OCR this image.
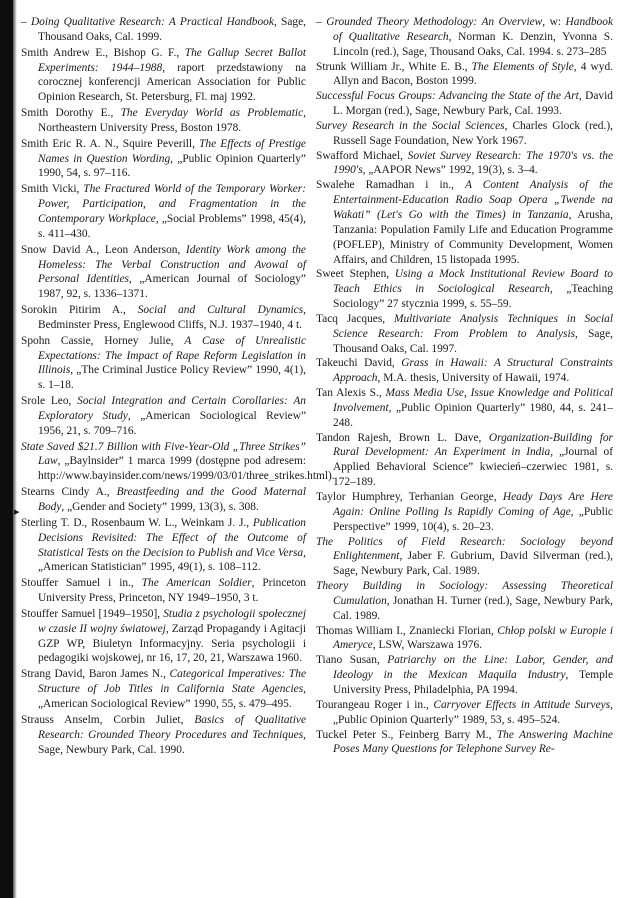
▸

– Doing Qualitative Research: A Practical Handbook, Sage, Thousand Oaks, Cal. 1999.

Smith Andrew E., Bishop G. F., The Gallup Secret Ballot Experiments: 1944–1988, raport przedstawiony na corocznej konferencji American Association for Public Opinion Research, St. Petersburg, Fl. maj 1992.

Smith Dorothy E., The Everyday World as Problematic, Northeastern University Press, Boston 1978.

Smith Eric R. A. N., Squire Peverill, The Effects of Prestige Names in Question Wording, „Public Opinion Quarterly” 1990, 54, s. 97–116.

Smith Vicki, The Fractured World of the Temporary Worker: Power, Participation, and Fragmentation in the Contemporary Workplace, „Social Problems” 1998, 45(4), s. 411–430.

Snow David A., Leon Anderson, Identity Work among the Homeless: The Verbal Construction and Avowal of Personal Identities, „American Journal of Sociology” 1987, 92, s. 1336–1371.

Sorokin Pitirim A., Social and Cultural Dynamics, Bedminster Press, Englewood Cliffs, N.J. 1937–1940, 4 t.

Spohn Cassie, Horney Julie, A Case of Unrealistic Expectations: The Impact of Rape Reform Legislation in Illinois, „The Criminal Justice Policy Review” 1990, 4(1), s. 1–18.

Srole Leo, Social Integration and Certain Corollaries: An Exploratory Study, „American Sociological Review” 1956, 21, s. 709–716.

State Saved $21.7 Billion with Five-Year-Old „Three Strikes” Law, „Baylnsider” 1 marca 1999 (dostępne pod adresem: http://www.bayinsider.com/news/1999/03/01/three_strikes.html).

Stearns Cindy A., Breastfeeding and the Good Maternal Body, „Gender and Society” 1999, 13(3), s. 308.

Sterling T. D., Rosenbaum W. L., Weinkam J. J., Publication Decisions Revisited: The Effect of the Outcome of Statistical Tests on the Decision to Publish and Vice Versa, „American Statistician” 1995, 49(1), s. 108–112.

Stouffer Samuel i in., The American Soldier, Princeton University Press, Princeton, NY 1949–1950, 3 t.

Stouffer Samuel [1949–1950], Studia z psychologii społecznej w czasie II wojny światowej, Zarząd Propagandy i Agitacji GZP WP, Biuletyn Informacyjny. Seria psychologii i pedagogiki wojskowej, nr 16, 17, 20, 21, Warszawa 1960.

Strang David, Baron James N., Categorical Imperatives: The Structure of Job Titles in California State Agencies, „American Sociological Review” 1990, 55, s. 479–495.

Strauss Anselm, Corbin Juliet, Basics of Qualitative Research: Grounded Theory Procedures and Techniques, Sage, Newbury Park, Cal. 1990.

– Grounded Theory Methodology: An Overview, w: Handbook of Qualitative Research, Norman K. Denzin, Yvonna S. Lincoln (red.), Sage, Thousand Oaks, Cal. 1994. s. 273–285

Strunk William Jr., White E. B., The Elements of Style, 4 wyd. Allyn and Bacon, Boston 1999.

Successful Focus Groups: Advancing the State of the Art, David L. Morgan (red.), Sage, Newbury Park, Cal. 1993.

Survey Research in the Social Sciences, Charles Glock (red.), Russell Sage Foundation, New York 1967.

Swafford Michael, Soviet Survey Research: The 1970's vs. the 1990's, „AAPOR News” 1992, 19(3), s. 3–4.

Swalehe Ramadhan i in., A Content Analysis of the Entertainment-Education Radio Soap Opera „Twende na Wakati” (Let's Go with the Times) in Tanzania, Arusha, Tanzania: Population Family Life and Education Programme (POFLEP), Ministry of Community Development, Women Affairs, and Children, 15 listopada 1995.

Sweet Stephen, Using a Mock Institutional Review Board to Teach Ethics in Sociological Research, „Teaching Sociology” 27 stycznia 1999, s. 55–59.

Tacq Jacques, Multivariate Analysis Techniques in Social Science Research: From Problem to Analysis, Sage, Thousand Oaks, Cal. 1997.

Takeuchi David, Grass in Hawaii: A Structural Constraints Approach, M.A. thesis, University of Hawaii, 1974.

Tan Alexis S., Mass Media Use, Issue Knowledge and Political Involvement, „Public Opinion Quarterly” 1980, 44, s. 241–248.

Tandon Rajesh, Brown L. Dave, Organization-Building for Rural Development: An Experiment in India, „Journal of Applied Behavioral Science” kwiecień–czerwiec 1981, s. 172–189.

Taylor Humphrey, Terhanian George, Heady Days Are Here Again: Online Polling Is Rapidly Coming of Age, „Public Perspective” 1999, 10(4), s. 20–23.

The Politics of Field Research: Sociology beyond Enlightenment, Jaber F. Gubrium, David Silverman (red.), Sage, Newbury Park, Cal. 1989.

Theory Building in Sociology: Assessing Theoretical Cumulation, Jonathan H. Turner (red.), Sage, Newbury Park, Cal. 1989.

Thomas William I., Znaniecki Florian, Chłop polski w Europie i Ameryce, LSW, Warszawa 1976.

Tiano Susan, Patriarchy on the Line: Labor, Gender, and Ideology in the Mexican Maquila Industry, Temple University Press, Philadelphia, PA 1994.

Tourangeau Roger i in., Carryover Effects in Attitude Surveys, „Public Opinion Quarterly” 1989, 53, s. 495–524.

Tuckel Peter S., Feinberg Barry M., The Answering Machine Poses Many Questions for Telephone Survey Re-
